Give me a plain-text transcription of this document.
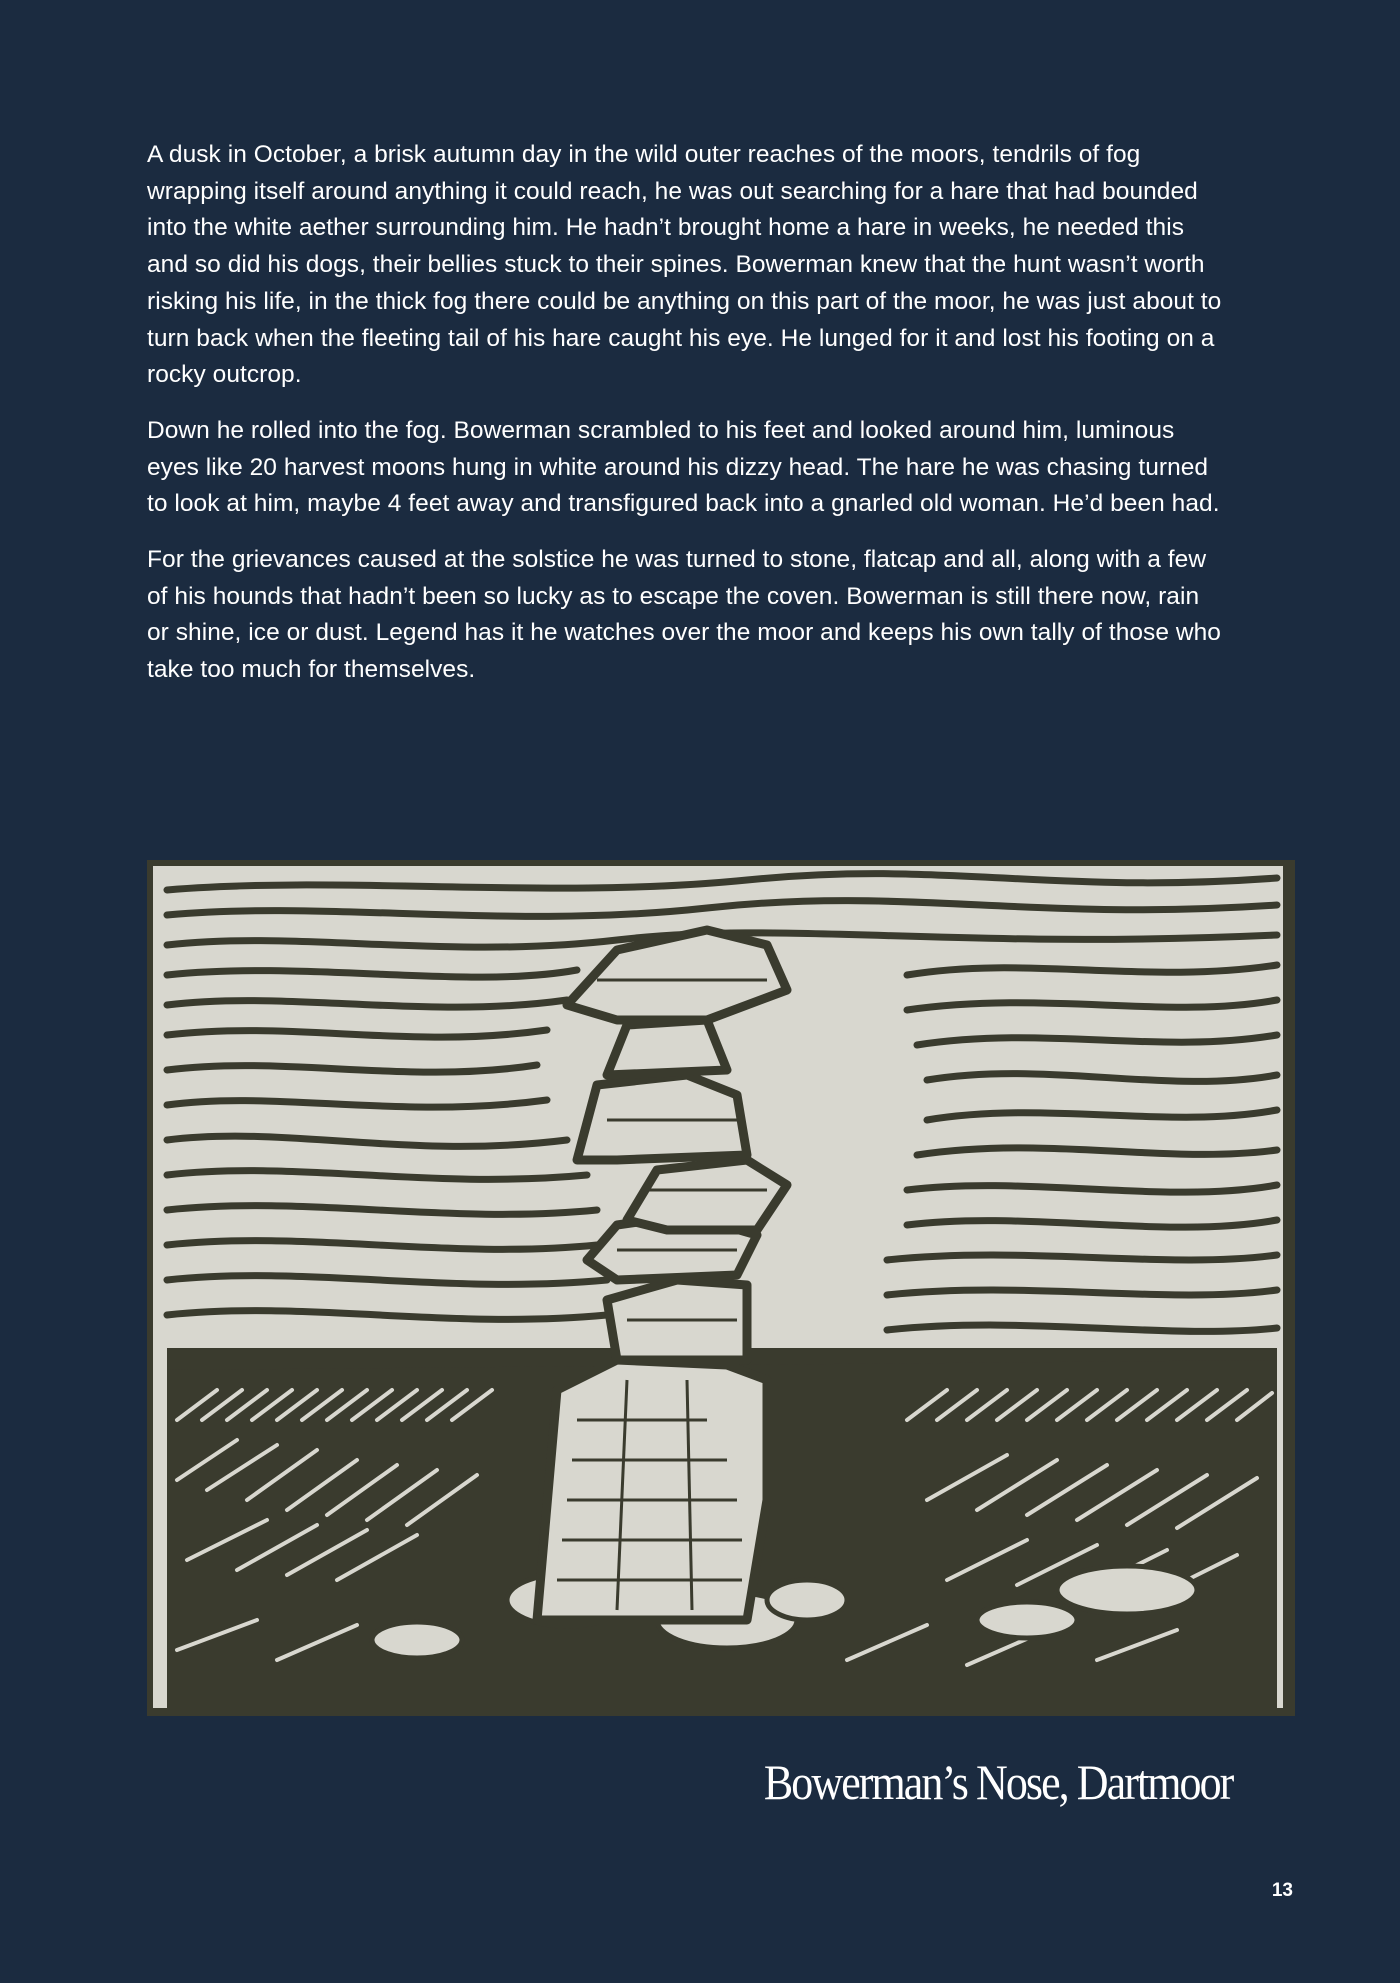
A dusk in October, a brisk autumn day in the wild outer reaches of the moors, tendrils of fog wrapping itself around anything it could reach, he was out searching for a hare that had bounded into the white aether surrounding him. He hadn’t brought home a hare in weeks, he needed this and so did his dogs, their bellies stuck to their spines. Bowerman knew that the hunt wasn’t worth risking his life, in the thick fog there could be anything on this part of the moor, he was just about to turn back when the fleeting tail of his hare caught his eye. He lunged for it and lost his footing on a rocky outcrop.

Down he rolled into the fog. Bowerman scrambled to his feet and looked around him, luminous eyes like 20 harvest moons hung in white around his dizzy head. The hare he was chasing turned to look at him, maybe 4 feet away and transfigured back into a gnarled old woman. He’d been had.

For the grievances caused at the solstice he was turned to stone, flatcap and all, along with a few of his hounds that hadn’t been so lucky as to escape the coven. Bowerman is still there now, rain or shine, ice or dust. Legend has it he watches over the moor and keeps his own tally of those who take too much for themselves.

Bowerman’s Nose, Dartmoor
13
